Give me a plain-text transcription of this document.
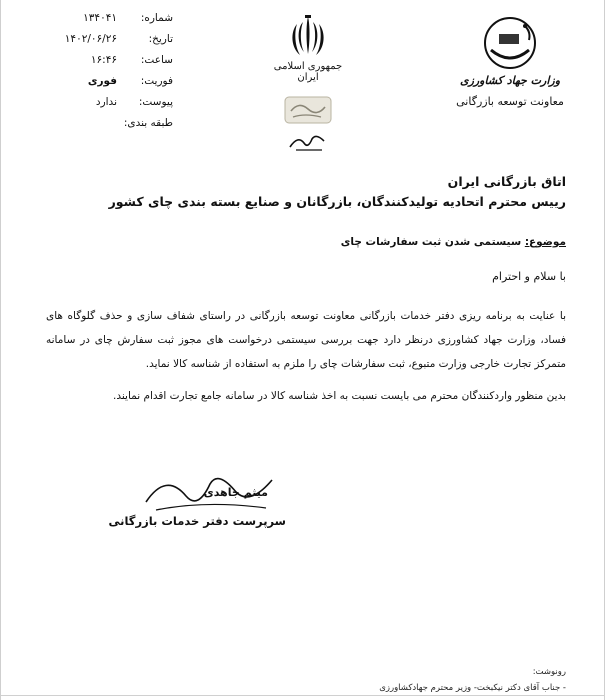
شماره:
۱۳۴۰۴۱
تاریخ:
۱۴۰۲/۰۶/۲۶
ساعت:
۱۶:۴۶
فوریت:
فوری
پیوست:
ندارد
طبقه بندی:
جمهوری اسلامی ایران	وزارت جهاد کشاورزی
معاونت توسعه بازرگانی
اتاق بازرگانی ایران
رییس محترم اتحادیه تولیدکنندگان، بازرگانان و صنایع بسته بندی چای کشور
موضوع: سیستمی شدن ثبت سفارشات چای
با سلام و احترام
با عنایت به برنامه ریزی دفتر خدمات بازرگانی معاونت توسعه بازرگانی در راستای شفاف سازی و حذف گلوگاه های فساد، وزارت جهاد کشاورزی درنظر دارد جهت بررسی سیستمی درخواست های مجوز ثبت سفارش چای در سامانه متمرکز تجارت خارجی وزارت متبوع، ثبت سفارشات چای را ملزم به استفاده از شناسه کالا نماید.
بدین منظور واردکنندگان محترم می بایست نسبت به اخذ شناسه کالا در سامانه جامع تجارت اقدام نمایند.
میثم جاهدی
سرپرست دفتر خدمات بازرگانی
رونوشت:
- جناب آقای دکتر نیکبخت- وزیر محترم جهادکشاورزی
